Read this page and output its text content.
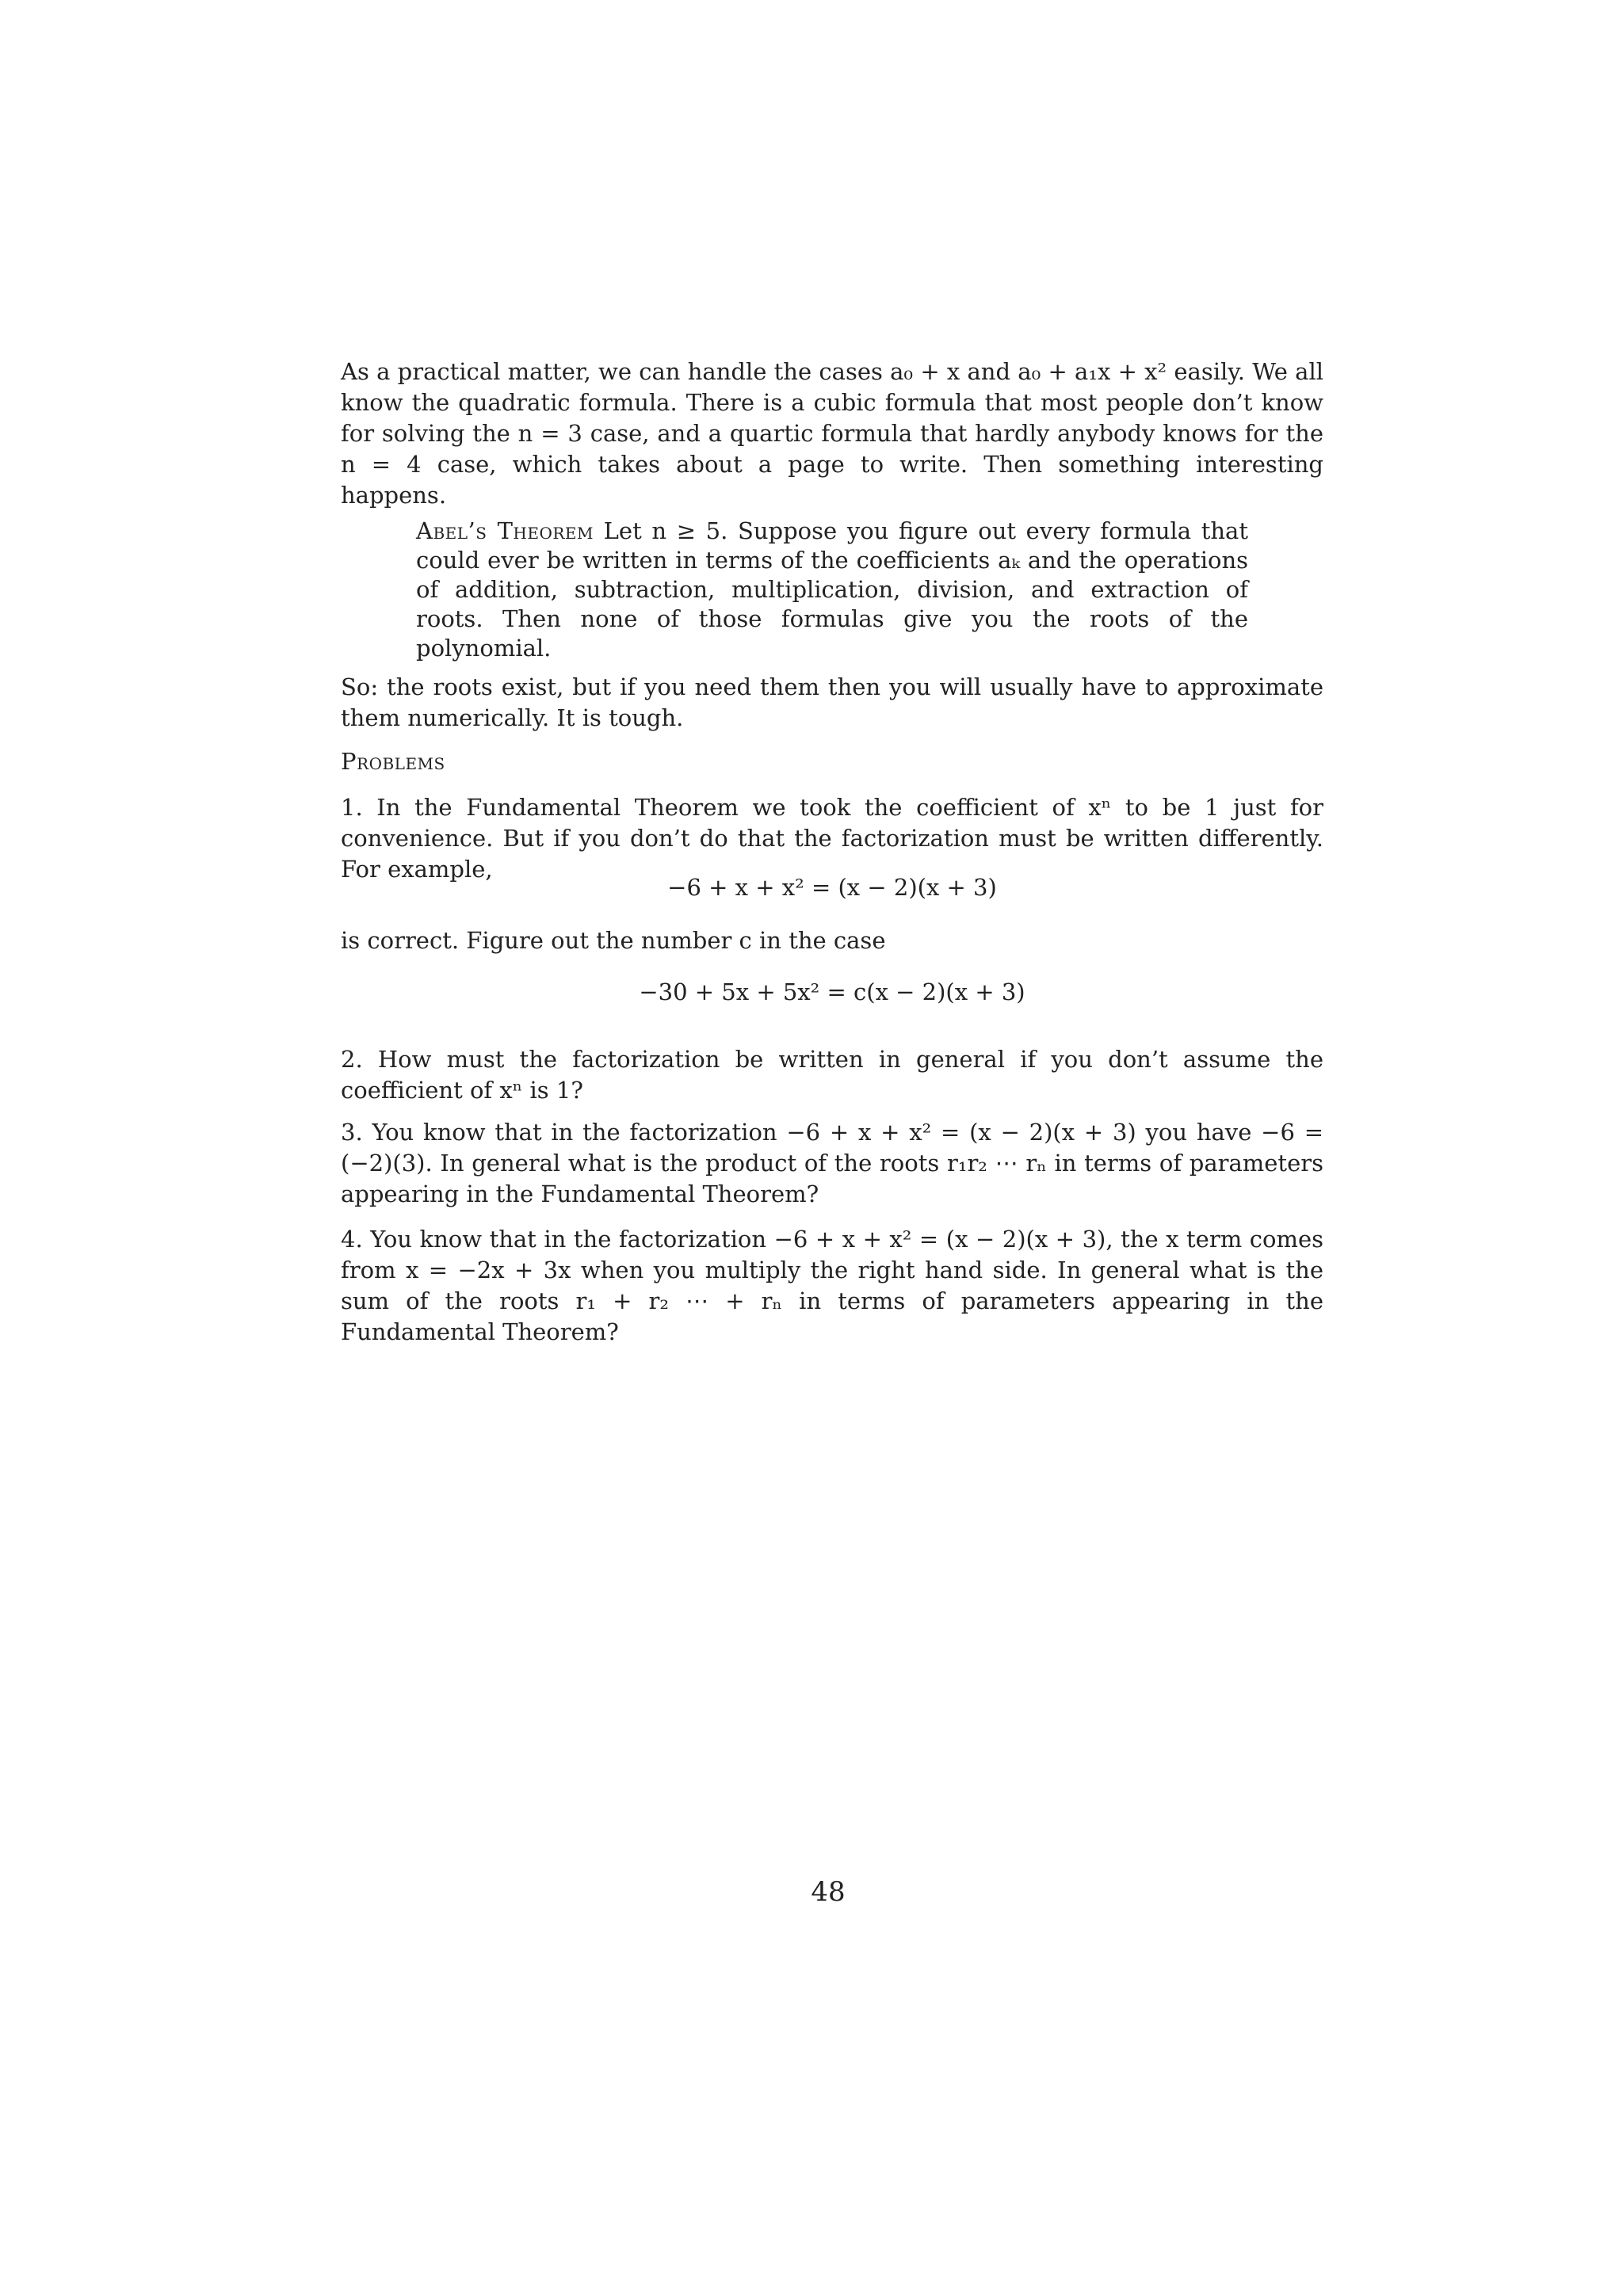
As a practical matter, we can handle the cases a₀ + x and a₀ + a₁x + x² easily. We all know the quadratic formula. There is a cubic formula that most people don’t know for solving the n = 3 case, and a quartic formula that hardly anybody knows for the n = 4 case, which takes about a page to write. Then something interesting happens.

Abel’s Theorem Let n ≥ 5. Suppose you figure out every formula that could ever be written in terms of the coefficients aₖ and the operations of addition, subtraction, multiplication, division, and extraction of roots. Then none of those formulas give you the roots of the polynomial.

So: the roots exist, but if you need them then you will usually have to approximate them numerically. It is tough.

Problems

1. In the Fundamental Theorem we took the coefficient of xⁿ to be 1 just for convenience. But if you don’t do that the factorization must be written differently. For example,

−6 + x + x² = (x − 2)(x + 3)

is correct. Figure out the number c in the case

−30 + 5x + 5x² = c(x − 2)(x + 3)

2. How must the factorization be written in general if you don’t assume the coefficient of xⁿ is 1?

3. You know that in the factorization −6 + x + x² = (x − 2)(x + 3) you have −6 = (−2)(3). In general what is the product of the roots r₁r₂ ⋯ rₙ in terms of parameters appearing in the Fundamental Theorem?

4. You know that in the factorization −6 + x + x² = (x − 2)(x + 3), the x term comes from x = −2x + 3x when you multiply the right hand side. In general what is the sum of the roots r₁ + r₂ ⋯ + rₙ in terms of parameters appearing in the Fundamental Theorem?

48
